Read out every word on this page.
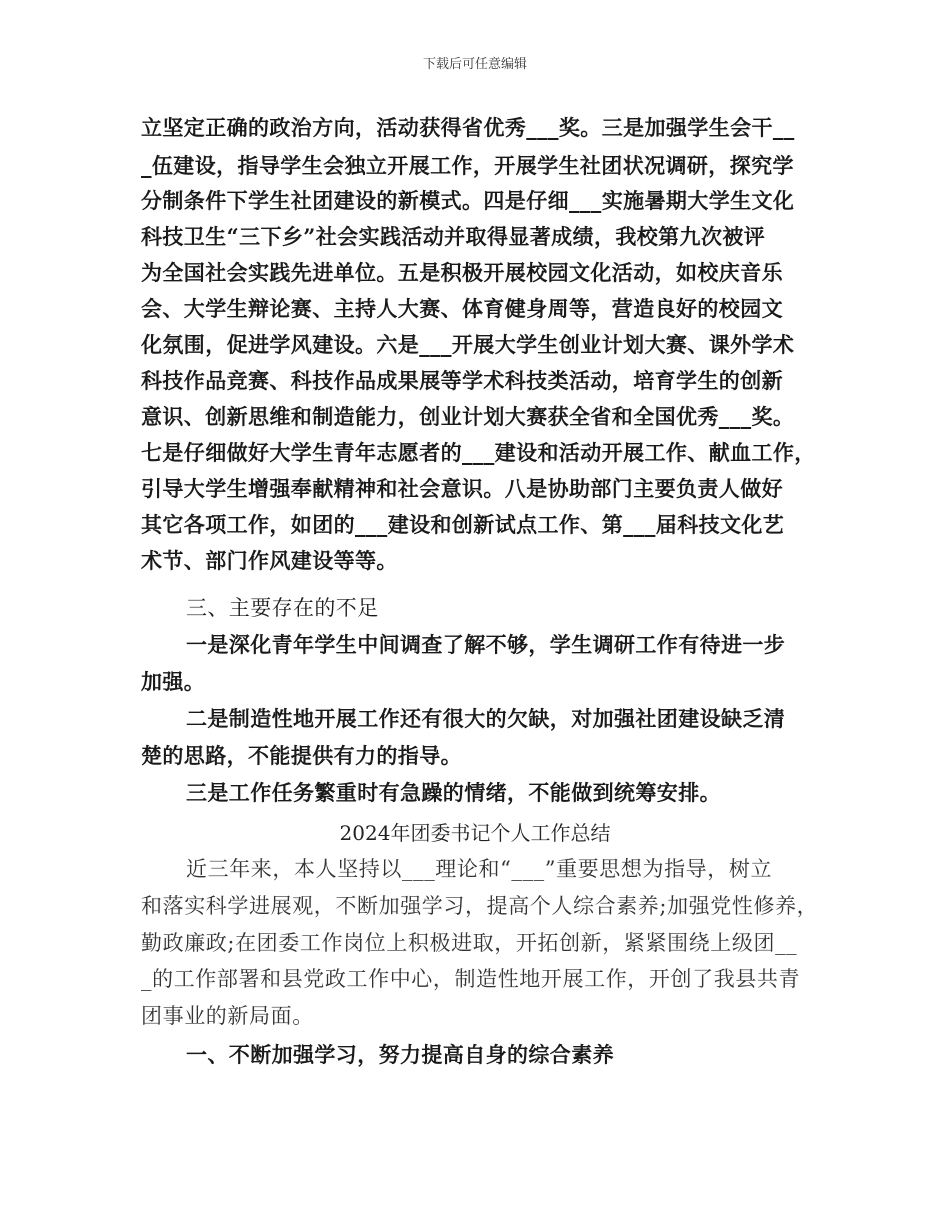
下载后可任意编辑
立坚定正确的政治方向，活动获得省优秀___奖。三是加强学生会干__
_伍建设，指导学生会独立开展工作，开展学生社团状况调研，探究学
分制条件下学生社团建设的新模式。四是仔细___实施暑期大学生文化
科技卫生“三下乡”社会实践活动并取得显著成绩，我校第九次被评
为全国社会实践先进单位。五是积极开展校园文化活动，如校庆音乐
会、大学生辩论赛、主持人大赛、体育健身周等，营造良好的校园文
化氛围，促进学风建设。六是___开展大学生创业计划大赛、课外学术
科技作品竞赛、科技作品成果展等学术科技类活动，培育学生的创新
意识、创新思维和制造能力，创业计划大赛获全省和全国优秀___奖。
七是仔细做好大学生青年志愿者的___建设和活动开展工作、献血工作，
引导大学生增强奉献精神和社会意识。八是协助部门主要负责人做好
其它各项工作，如团的___建设和创新试点工作、第___届科技文化艺
术节、部门作风建设等等。
三、主要存在的不足
一是深化青年学生中间调查了解不够，学生调研工作有待进一步
加强。
二是制造性地开展工作还有很大的欠缺，对加强社团建设缺乏清
楚的思路，不能提供有力的指导。
三是工作任务繁重时有急躁的情绪，不能做到统筹安排。
2024年团委书记个人工作总结
近三年来，本人坚持以___理论和“___”重要思想为指导，树立
和落实科学进展观，不断加强学习，提高个人综合素养;加强党性修养，
勤政廉政;在团委工作岗位上积极进取，开拓创新，紧紧围绕上级团__
_的工作部署和县党政工作中心，制造性地开展工作，开创了我县共青
团事业的新局面。
一、不断加强学习，努力提高自身的综合素养
